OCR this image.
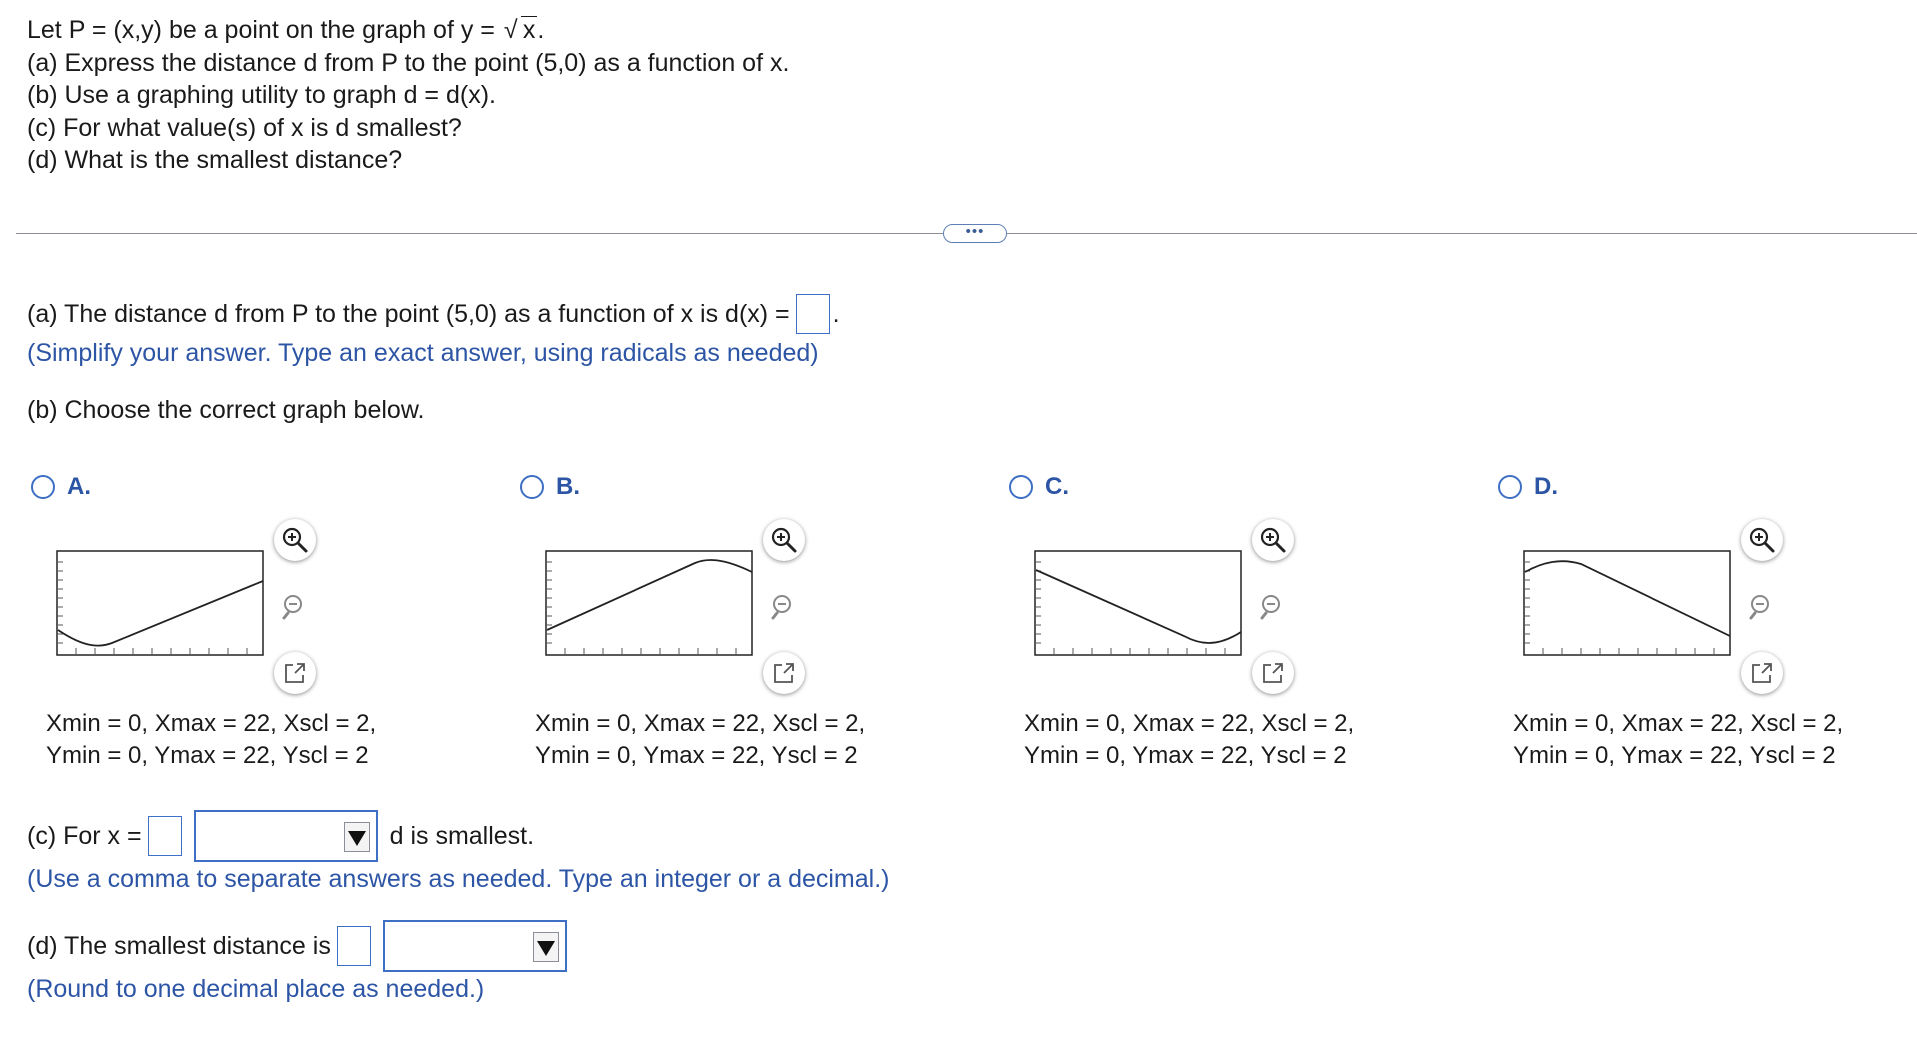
Let P = (x,y) be a point on the graph of y = √ x.
(a) Express the distance d from P to the point (5,0) as a function of x.
(b) Use a graphing utility to graph d = d(x).
(c) For what value(s) of x is d smallest?
(d) What is the smallest distance?
•••
(a) The distance d from P to the point (5,0) as a function of x is d(x) = .
(Simplify your answer. Type an exact answer, using radicals as needed)
(b) Choose the correct graph below.
A.	B.	C.	D.
Xmin = 0, Xmax = 22, Xscl = 2,
Ymin = 0, Ymax = 22, Yscl = 2
Xmin = 0, Xmax = 22, Xscl = 2,
Ymin = 0, Ymax = 22, Yscl = 2
Xmin = 0, Xmax = 22, Xscl = 2,
Ymin = 0, Ymax = 22, Yscl = 2
Xmin = 0, Xmax = 22, Xscl = 2,
Ymin = 0, Ymax = 22, Yscl = 2
(c) For x =	d is smallest.
(Use a comma to separate answers as needed. Type an integer or a decimal.)
(d) The smallest distance is
(Round to one decimal place as needed.)
